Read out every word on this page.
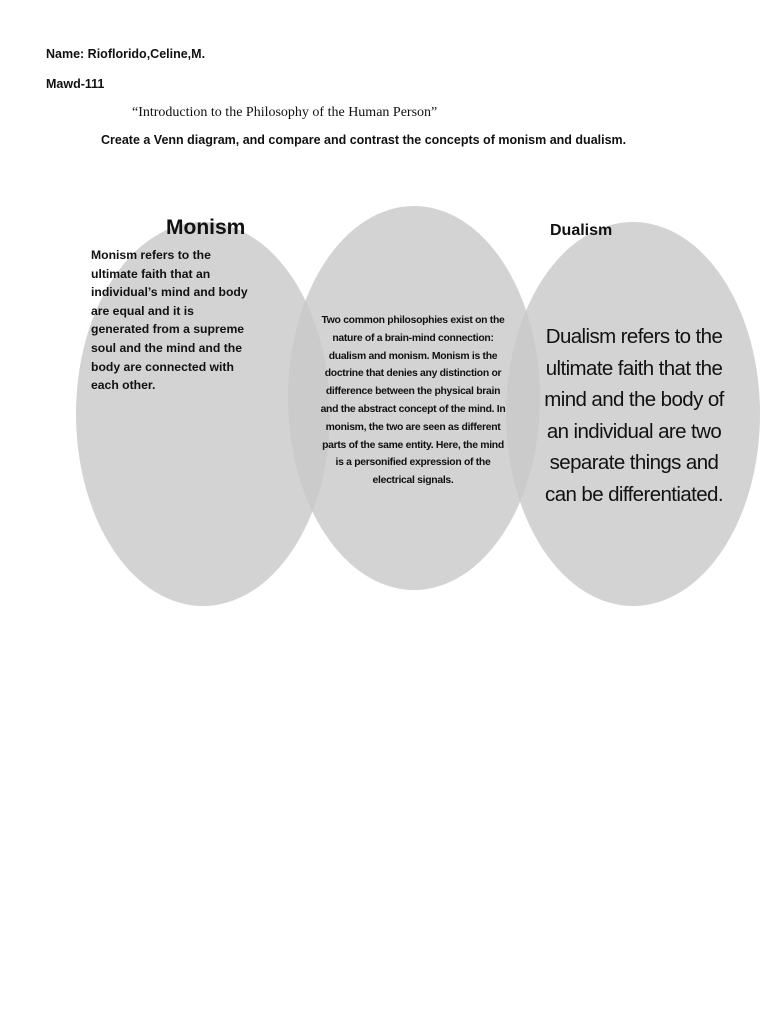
Name: Rioflorido,Celine,M.
Mawd-111
“Introduction to the Philosophy of the Human Person”
Create a Venn diagram, and compare and contrast the concepts of monism and dualism.
Monism	Dualism
Monism refers to the ultimate faith that an individual’s mind and body are equal and it is generated from a supreme soul and the mind and the body are connected with each other.
Two common philosophies exist on the nature of a brain-mind connection: dualism and monism. Monism is the doctrine that denies any distinction or difference between the physical brain and the abstract concept of the mind. In monism, the two are seen as different parts of the same entity. Here, the mind is a personified expression of the electrical signals.
Dualism refers to the ultimate faith that the mind and the body of an individual are two separate things and can be differentiated.
